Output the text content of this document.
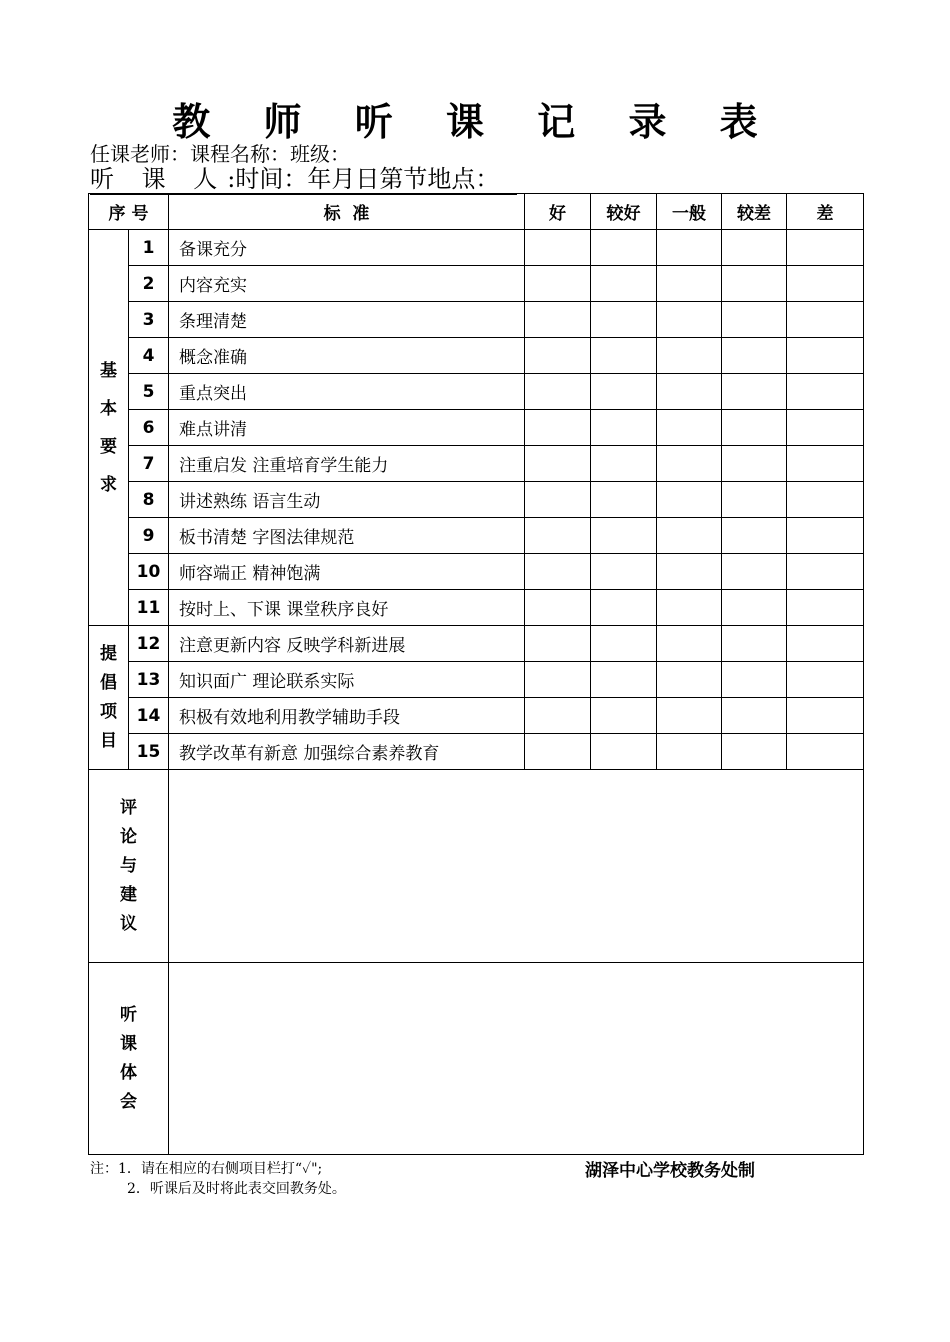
教 师 听 课 记 录 表
任课老师：课程名称：班级：
听 课 人:时间：年月日第节地点：
序 号		标  准	好	较好	一般	较差	差

基
本
要
求	1	备课充分					
	2	内容充实					
	3	条理清楚					
	4	概念准确					
	5	重点突出					
	6	难点讲清					
	7	注重启发 注重培育学生能力					
	8	讲述熟练 语言生动					
	9	板书清楚 字图法律规范					
	10	师容端正 精神饱满					
	11	按时上、下课 课堂秩序良好					

提
倡
项
目	12	注意更新内容 反映学科新进展					
	13	知识面广 理论联系实际					
	14	积极有效地利用教学辅助手段					
	15	教学改革有新意 加强综合素养教育					

评
论
与
建
议							

听
课
体
会							

注：1．请在相应的右侧项目栏打“✓";
2．听课后及时将此表交回教务处。
湖泽中心学校教务处制
